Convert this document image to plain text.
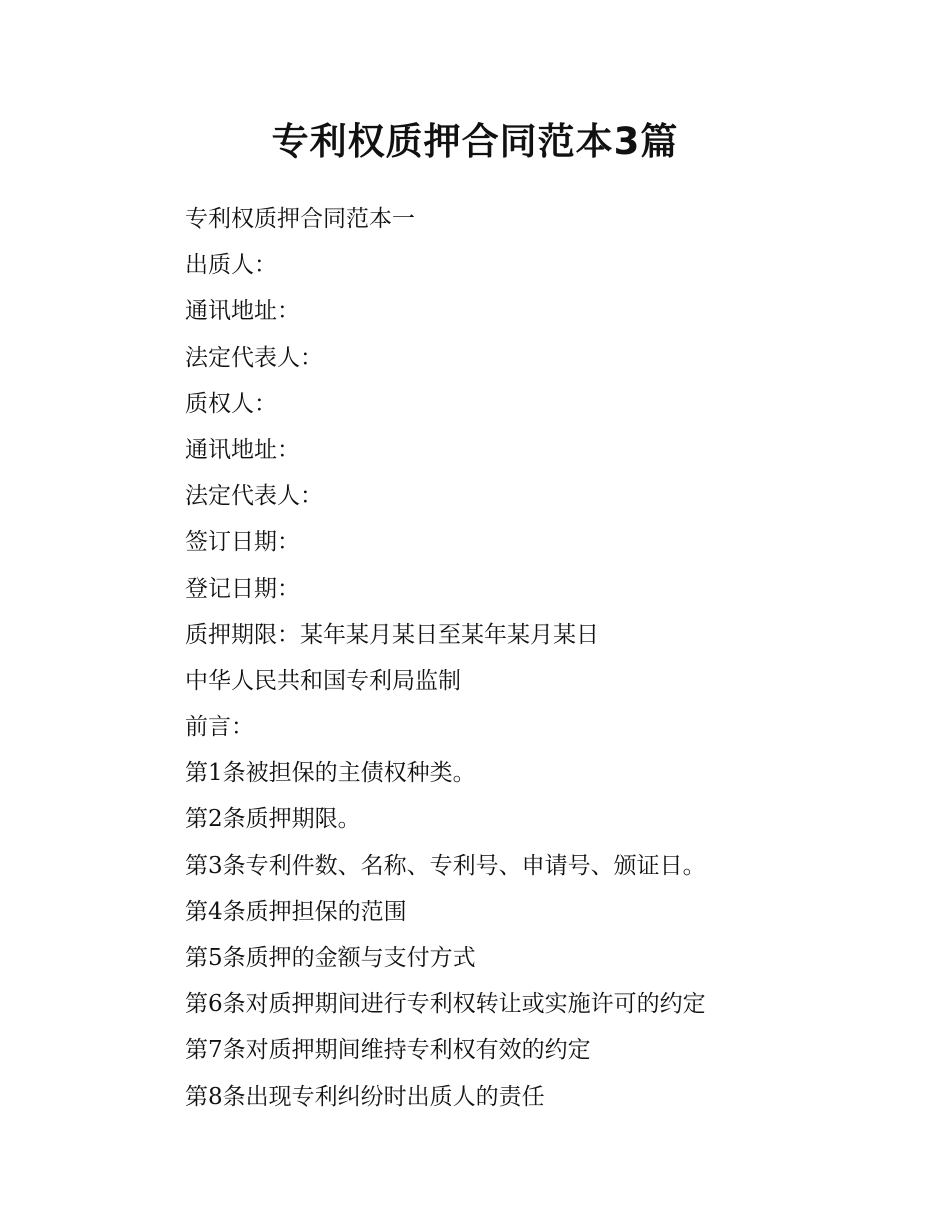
专利权质押合同范本3篇
专利权质押合同范本一
出质人：
通讯地址：
法定代表人：
质权人：
通讯地址：
法定代表人：
签订日期：
登记日期：
质押期限：某年某月某日至某年某月某日
中华人民共和国专利局监制
前言：
第1条被担保的主债权种类。
第2条质押期限。
第3条专利件数、名称、专利号、申请号、颁证日。
第4条质押担保的范围
第5条质押的金额与支付方式
第6条对质押期间进行专利权转让或实施许可的约定
第7条对质押期间维持专利权有效的约定
第8条出现专利纠纷时出质人的责任
